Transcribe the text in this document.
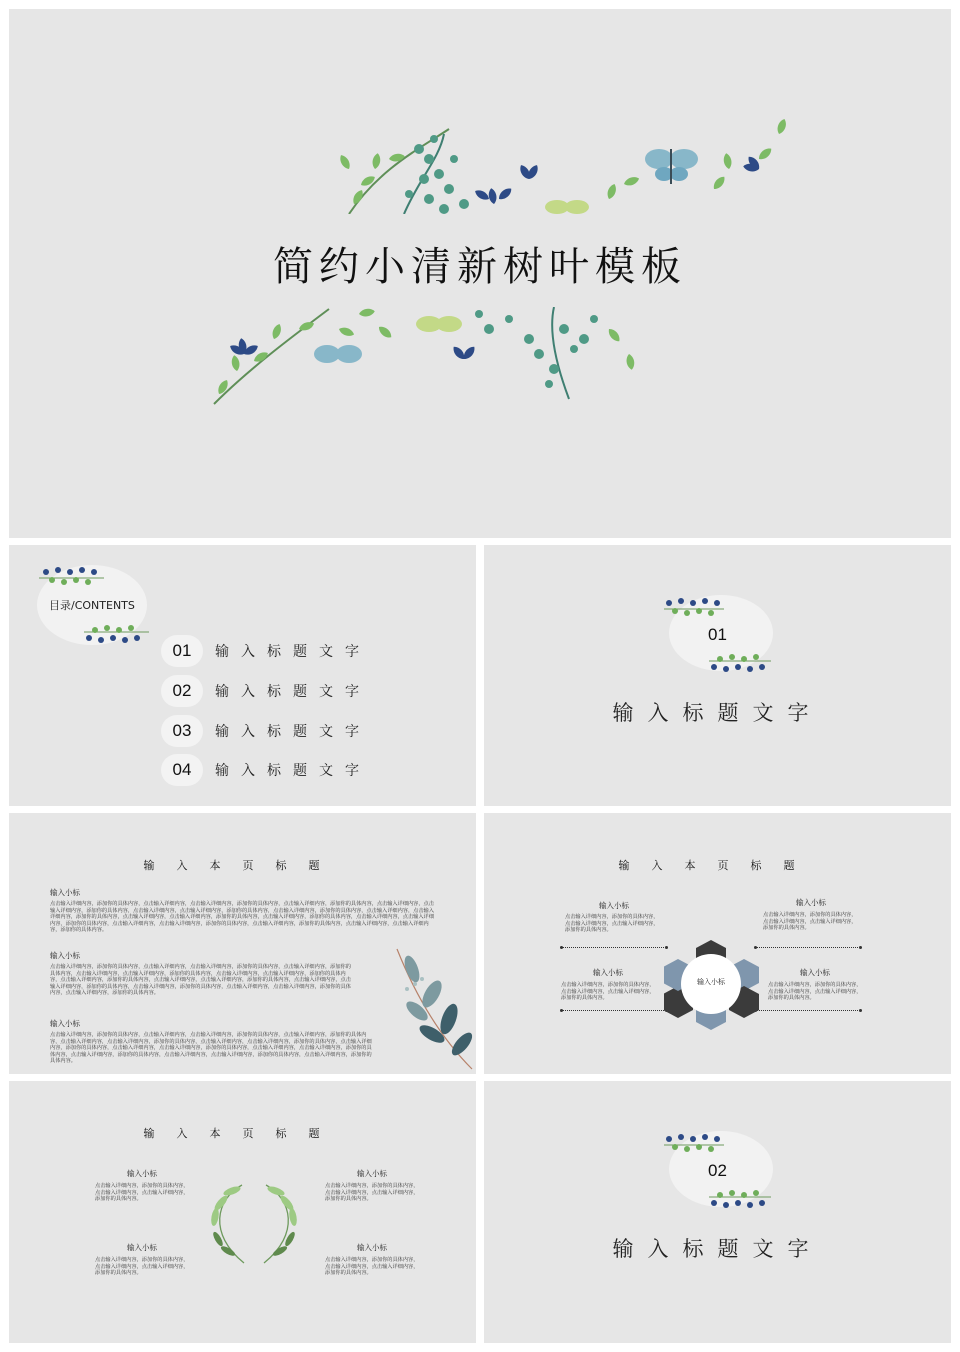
简约小清新树叶模板
目录/CONTENTS
01	输入标题文字
02	输入标题文字
03	输入标题文字
04	输入标题文字
01
输入标题文字
输入本页标题
输入小标
点击输入详细内容，添加你的具体内容，点击输入详细内容，点击输入详细内容，添加你的具体内容，点击输入详细内容，添加你的具体内容，点击输入详细内容，点击输入详细内容，添加你的具体内容，点击输入详细内容，点击输入详细内容，添加你的具体内容，点击输入详细内容，添加你的具体内容，点击输入详细内容，点击输入详细内容，添加你的具体内容，点击输入详细内容，点击输入详细内容，添加你的具体内容，点击输入详细内容，添加你的具体内容，点击输入详细内容，点击输入详细内容，添加你的具体内容，点击输入详细内容，点击输入详细内容，添加你的具体内容，点击输入详细内容，添加你的具体内容，点击输入详细内容，点击输入详细内容，添加你的具体内容。
输入小标
点击输入详细内容，添加你的具体内容，点击输入详细内容，点击输入详细内容，添加你的具体内容，点击输入详细内容，添加你的具体内容，点击输入详细内容，点击输入详细内容，添加你的具体内容，点击输入详细内容，点击输入详细内容，添加你的具体内容，点击输入详细内容，添加你的具体内容，点击输入详细内容，点击输入详细内容，添加你的具体内容，点击输入详细内容，点击输入详细内容，添加你的具体内容，点击输入详细内容，添加你的具体内容，点击输入详细内容，点击输入详细内容，添加你的具体内容，点击输入详细内容，添加你的具体内容。
输入小标
点击输入详细内容，添加你的具体内容，点击输入详细内容，点击输入详细内容，添加你的具体内容，点击输入详细内容，添加你的具体内容，点击输入详细内容，点击输入详细内容，添加你的具体内容，点击输入详细内容，点击输入详细内容，添加你的具体内容，点击输入详细内容，添加你的具体内容，点击输入详细内容，点击输入详细内容，添加你的具体内容，点击输入详细内容，点击输入详细内容，添加你的具体内容，点击输入详细内容，添加你的具体内容，点击输入详细内容，点击输入详细内容，添加你的具体内容，点击输入详细内容，添加你的具体内容。
输入本页标题
输入小标
点击输入详细内容，添加你的具体内容，点击输入详细内容，点击输入详细内容，添加你的具体内容。
输入小标
点击输入详细内容，添加你的具体内容，点击输入详细内容，点击输入详细内容，添加你的具体内容。
输入小标
点击输入详细内容，添加你的具体内容，点击输入详细内容，点击输入详细内容，添加你的具体内容。
输入小标
点击输入详细内容，添加你的具体内容，点击输入详细内容，点击输入详细内容，添加你的具体内容。
输入小标
输入本页标题
输入小标
点击输入详细内容，添加你的具体内容，点击输入详细内容，点击输入详细内容，添加你的具体内容。
输入小标
点击输入详细内容，添加你的具体内容，点击输入详细内容，点击输入详细内容，添加你的具体内容。
输入小标
点击输入详细内容，添加你的具体内容，点击输入详细内容，点击输入详细内容，添加你的具体内容。
输入小标
点击输入详细内容，添加你的具体内容，点击输入详细内容，点击输入详细内容，添加你的具体内容。
02
输入标题文字
